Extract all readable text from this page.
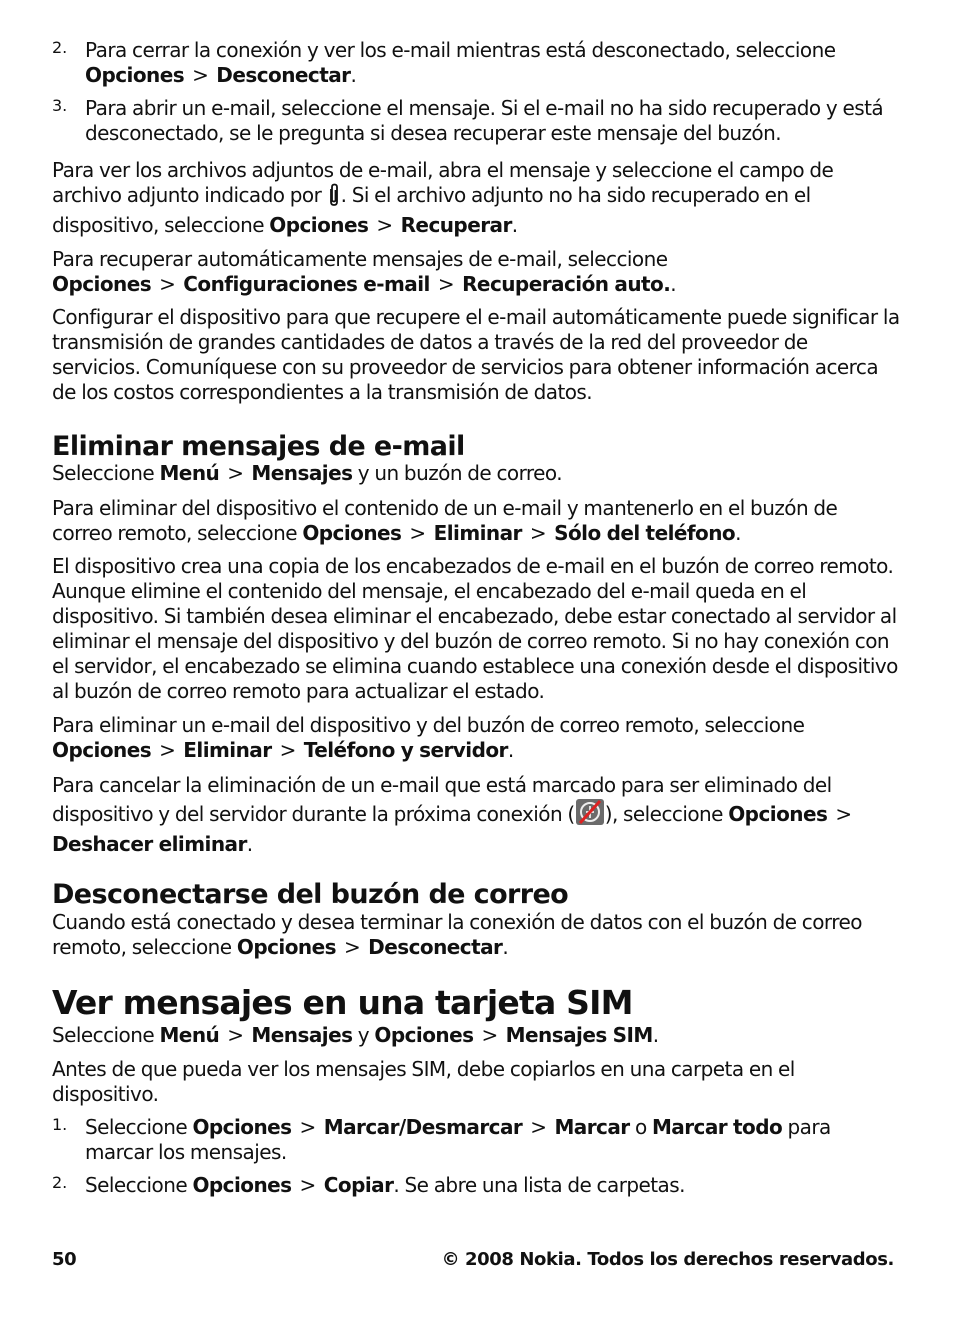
2. Para cerrar la conexión y ver los e-mail mientras está desconectado, seleccione Opciones > Desconectar.

3. Para abrir un e-mail, seleccione el mensaje. Si el e-mail no ha sido recuperado y está desconectado, se le pregunta si desea recuperar este mensaje del buzón.

Para ver los archivos adjuntos de e-mail, abra el mensaje y seleccione el campo de archivo adjunto indicado por . Si el archivo adjunto no ha sido recuperado en el dispositivo, seleccione Opciones > Recuperar.

Para recuperar automáticamente mensajes de e-mail, seleccione Opciones > Configuraciones e-mail > Recuperación auto..

Configurar el dispositivo para que recupere el e-mail automáticamente puede significar la transmisión de grandes cantidades de datos a través de la red del proveedor de servicios. Comuníquese con su proveedor de servicios para obtener información acerca de los costos correspondientes a la transmisión de datos.

Eliminar mensajes de e-mail

Seleccione Menú > Mensajes y un buzón de correo.

Para eliminar del dispositivo el contenido de un e-mail y mantenerlo en el buzón de correo remoto, seleccione Opciones > Eliminar > Sólo del teléfono.

El dispositivo crea una copia de los encabezados de e-mail en el buzón de correo remoto. Aunque elimine el contenido del mensaje, el encabezado del e-mail queda en el dispositivo. Si también desea eliminar el encabezado, debe estar conectado al servidor al eliminar el mensaje del dispositivo y del buzón de correo remoto. Si no hay conexión con el servidor, el encabezado se elimina cuando establece una conexión desde el dispositivo al buzón de correo remoto para actualizar el estado.

Para eliminar un e-mail del dispositivo y del buzón de correo remoto, seleccione Opciones > Eliminar > Teléfono y servidor.

Para cancelar la eliminación de un e-mail que está marcado para ser eliminado del dispositivo y del servidor durante la próxima conexión ( ), seleccione Opciones >
Deshacer eliminar.

Desconectarse del buzón de correo

Cuando está conectado y desea terminar la conexión de datos con el buzón de correo remoto, seleccione Opciones > Desconectar.

Ver mensajes en una tarjeta SIM

Seleccione Menú > Mensajes y Opciones > Mensajes SIM.

Antes de que pueda ver los mensajes SIM, debe copiarlos en una carpeta en el dispositivo.

1. Seleccione Opciones > Marcar/Desmarcar > Marcar o Marcar todo para marcar los mensajes.

2. Seleccione Opciones > Copiar. Se abre una lista de carpetas.

50	© 2008 Nokia. Todos los derechos reservados.
